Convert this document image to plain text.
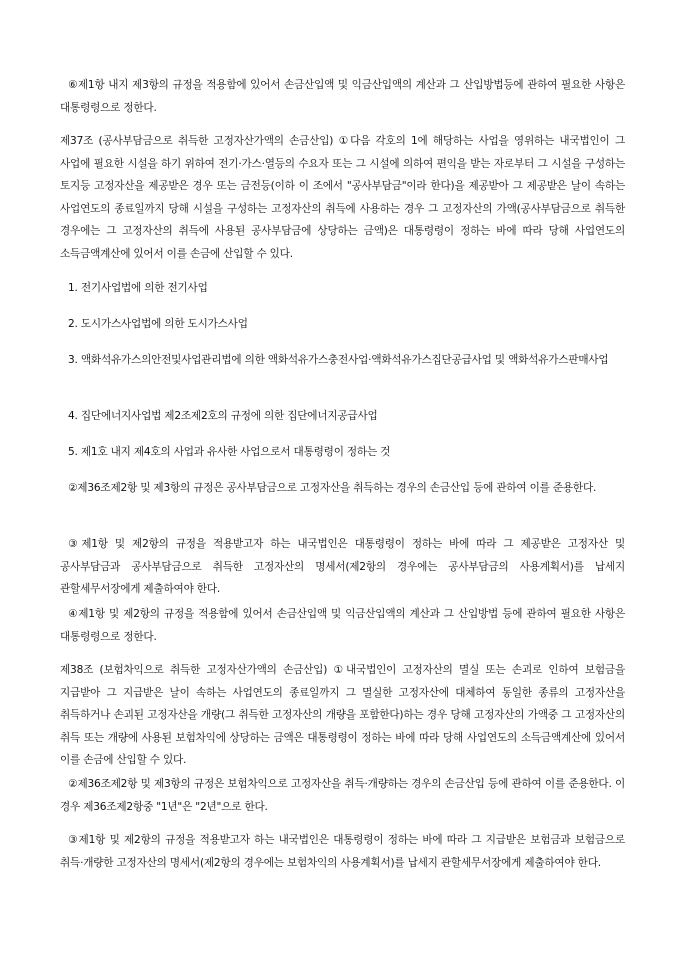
⑥제1항 내지 제3항의 규정을 적용함에 있어서 손금산입액 및 익금산입액의 계산과 그 산입방법등에 관하여 필요한 사항은 대통령령으로 정한다.

제37조 (공사부담금으로 취득한 고정자산가액의 손금산입) ①다음 각호의 1에 해당하는 사업을 영위하는 내국법인이 그 사업에 필요한 시설을 하기 위하여 전기·가스·열등의 수요자 또는 그 시설에 의하여 편익을 받는 자로부터 그 시설을 구성하는 토지등 고정자산을 제공받은 경우 또는 금전등(이하 이 조에서 "공사부담금"이라 한다)을 제공받아 그 제공받은 날이 속하는 사업연도의 종료일까지 당해 시설을 구성하는 고정자산의 취득에 사용하는 경우 그 고정자산의 가액(공사부담금으로 취득한 경우에는 그 고정자산의 취득에 사용된 공사부담금에 상당하는 금액)은 대통령령이 정하는 바에 따라 당해 사업연도의 소득금액계산에 있어서 이를 손금에 산입할 수 있다.

1. 전기사업법에 의한 전기사업

2. 도시가스사업법에 의한 도시가스사업

3. 액화석유가스의안전및사업관리법에 의한 액화석유가스충전사업·액화석유가스집단공급사업 및 액화석유가스판매사업

4. 집단에너지사업법 제2조제2호의 규정에 의한 집단에너지공급사업

5. 제1호 내지 제4호의 사업과 유사한 사업으로서 대통령령이 정하는 것

②제36조제2항 및 제3항의 규정은 공사부담금으로 고정자산을 취득하는 경우의 손금산입 등에 관하여 이를 준용한다.

③제1항 및 제2항의 규정을 적용받고자 하는 내국법인은 대통령령이 정하는 바에 따라 그 제공받은 고정자산 및 공사부담금과 공사부담금으로 취득한 고정자산의 명세서(제2항의 경우에는 공사부담금의 사용계획서)를 납세지 관할세무서장에게 제출하여야 한다.

④제1항 및 제2항의 규정을 적용함에 있어서 손금산입액 및 익금산입액의 계산과 그 산입방법 등에 관하여 필요한 사항은 대통령령으로 정한다.

제38조 (보험차익으로 취득한 고정자산가액의 손금산입) ①내국법인이 고정자산의 멸실 또는 손괴로 인하여 보험금을 지급받아 그 지급받은 날이 속하는 사업연도의 종료일까지 그 멸실한 고정자산에 대체하여 동일한 종류의 고정자산을 취득하거나 손괴된 고정자산을 개량(그 취득한 고정자산의 개량을 포함한다)하는 경우 당해 고정자산의 가액중 그 고정자산의 취득 또는 개량에 사용된 보험차익에 상당하는 금액은 대통령령이 정하는 바에 따라 당해 사업연도의 소득금액계산에 있어서 이를 손금에 산입할 수 있다.

②제36조제2항 및 제3항의 규정은 보험차익으로 고정자산을 취득·개량하는 경우의 손금산입 등에 관하여 이를 준용한다. 이 경우 제36조제2항중 "1년"은 "2년"으로 한다.

③제1항 및 제2항의 규정을 적용받고자 하는 내국법인은 대통령령이 정하는 바에 따라 그 지급받은 보험금과 보험금으로 취득·개량한 고정자산의 명세서(제2항의 경우에는 보험차익의 사용계획서)를 납세지 관할세무서장에게 제출하여야 한다.
